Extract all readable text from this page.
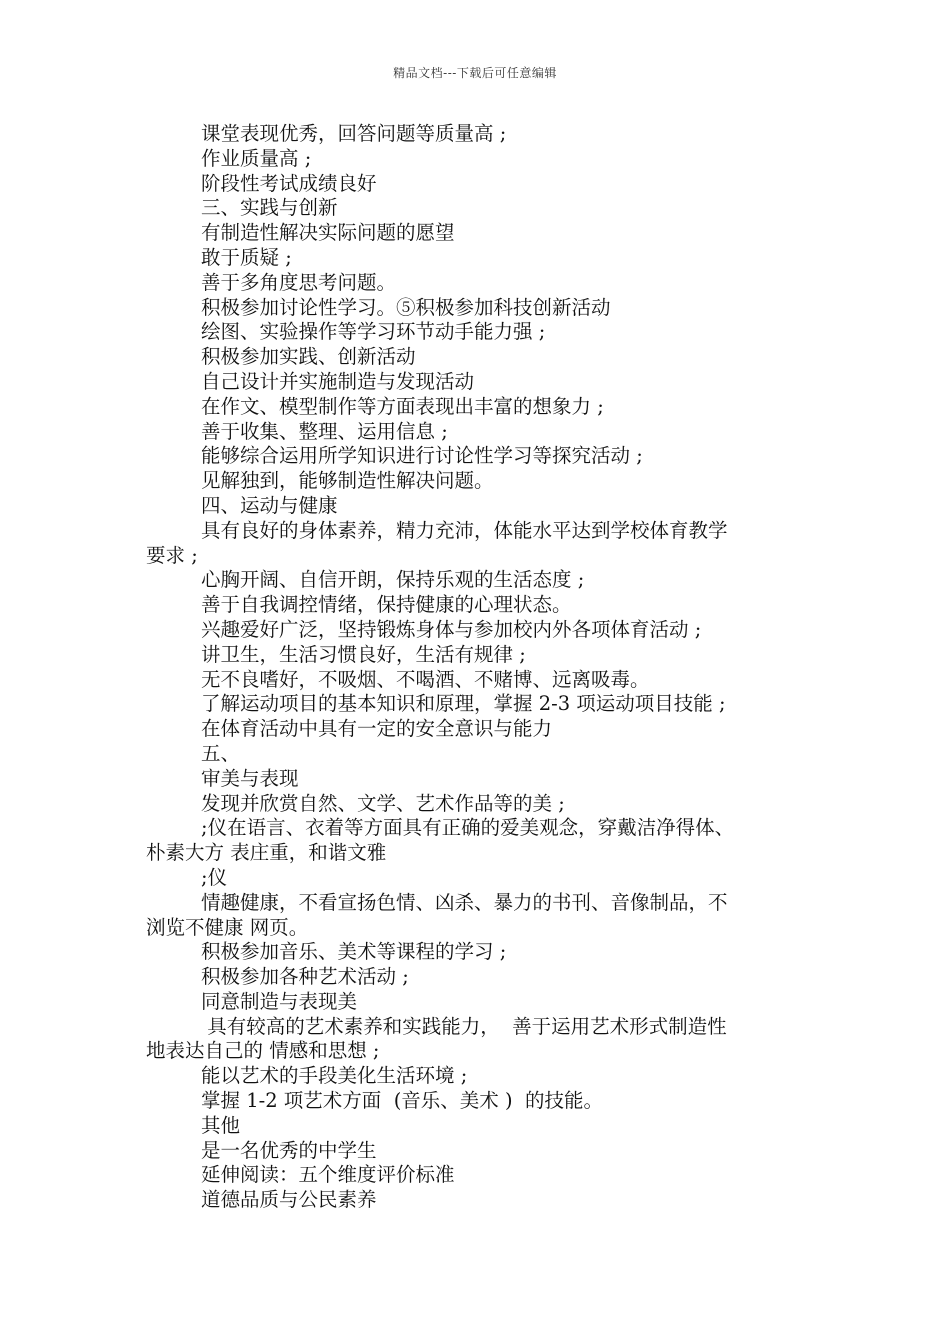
精品文档---下载后可任意编辑
课堂表现优秀，回答问题等质量高 ;
作业质量高 ;
阶段性考试成绩良好
三、实践与创新
有制造性解决实际问题的愿望
敢于质疑 ;
善于多角度思考问题。
积极参加讨论性学习。⑤积极参加科技创新活动
绘图、实验操作等学习环节动手能力强 ;
积极参加实践、创新活动
自己设计并实施制造与发现活动
在作文、模型制作等方面表现出丰富的想象力 ;
善于收集、整理、运用信息 ;
能够综合运用所学知识进行讨论性学习等探究活动 ;
见解独到，能够制造性解决问题。
四、运动与健康
具有良好的身体素养，精力充沛，体能水平达到学校体育教学
要求 ;
心胸开阔、自信开朗，保持乐观的生活态度 ;
善于自我调控情绪，保持健康的心理状态。
兴趣爱好广泛，坚持锻炼身体与参加校内外各项体育活动 ;
讲卫生，生活习惯良好，生活有规律 ;
无不良嗜好，不吸烟、不喝酒、不赌博、远离吸毒。
了解运动项目的基本知识和原理，掌握 2-3 项运动项目技能 ;
在体育活动中具有一定的安全意识与能力
五、
审美与表现
发现并欣赏自然、文学、艺术作品等的美 ;
;仪在语言、衣着等方面具有正确的爱美观念，穿戴洁净得体、
朴素大方 表庄重，和谐文雅
;仪
情趣健康，不看宣扬色情、凶杀、暴力的书刊、音像制品，不
浏览不健康 网页。
积极参加音乐、美术等课程的学习 ;
积极参加各种艺术活动 ;
同意制造与表现美
具有较高的艺术素养和实践能力，  善于运用艺术形式制造性
地表达自己的 情感和思想 ;
能以艺术的手段美化生活环境 ;
掌握 1-2 项艺术方面  (音乐、美术 )  的技能。
其他
是一名优秀的中学生
延伸阅读：五个维度评价标准
道德品质与公民素养
